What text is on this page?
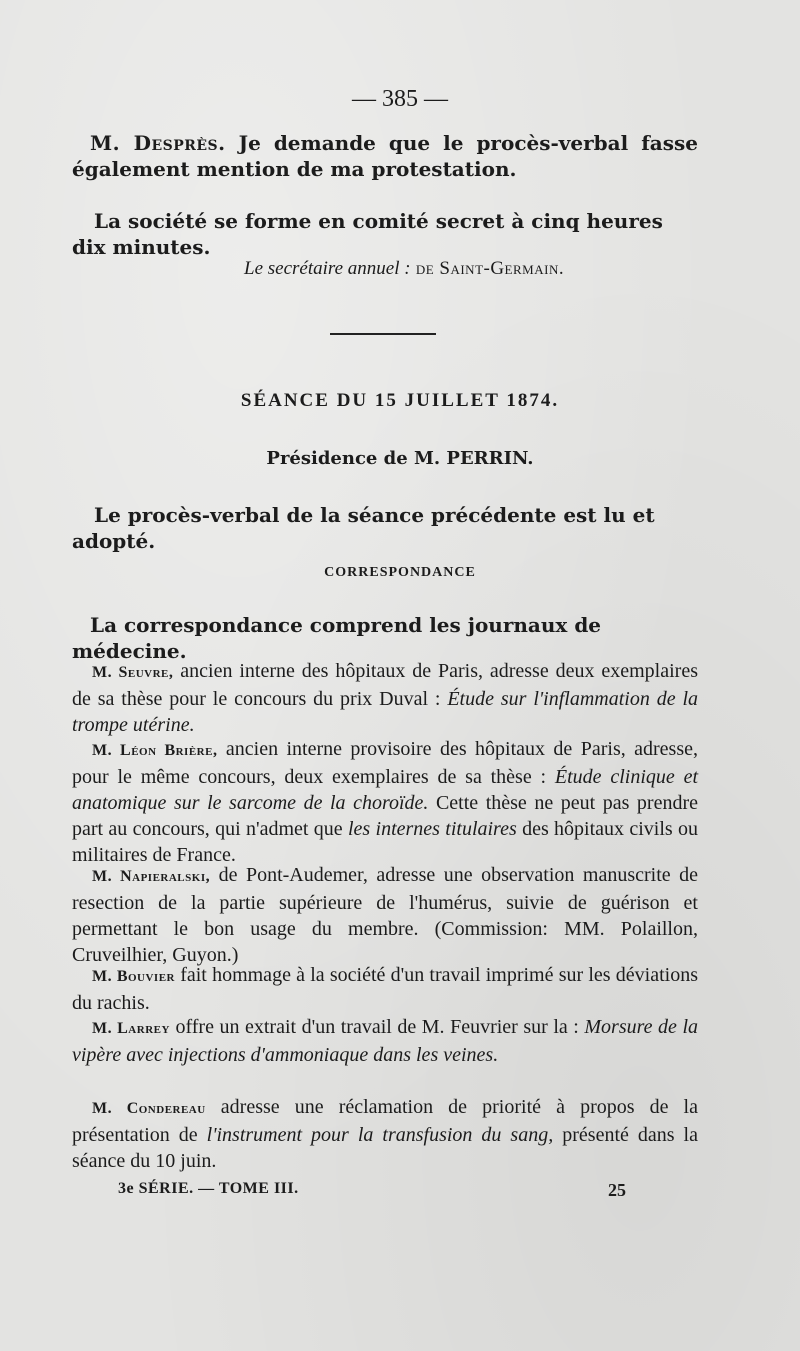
— 385 —

M. Desprès. Je demande que le procès-verbal fasse également mention de ma protestation.

La société se forme en comité secret à cinq heures dix minutes.

Le secrétaire annuel : de Saint-Germain.
SÉANCE DU 15 JUILLET 1874.
Présidence de M. PERRIN.

Le procès-verbal de la séance précédente est lu et adopté.

CORRESPONDANCE

La correspondance comprend les journaux de médecine.

M. Seuvre, ancien interne des hôpitaux de Paris, adresse deux exemplaires de sa thèse pour le concours du prix Duval : Étude sur l'inflammation de la trompe utérine.

M. Léon Brière, ancien interne provisoire des hôpitaux de Paris, adresse, pour le même concours, deux exemplaires de sa thèse : Étude clinique et anatomique sur le sarcome de la choroïde. Cette thèse ne peut pas prendre part au concours, qui n'admet que les internes titulaires des hôpitaux civils ou militaires de France.

M. Napieralski, de Pont-Audemer, adresse une observation manuscrite de resection de la partie supérieure de l'humérus, suivie de guérison et permettant le bon usage du membre. (Commission: MM. Polaillon, Cruveilhier, Guyon.)

M. Bouvier fait hommage à la société d'un travail imprimé sur les déviations du rachis.

M. Larrey offre un extrait d'un travail de M. Feuvrier sur la : Morsure de la vipère avec injections d'ammoniaque dans les veines.

M. Condereau adresse une réclamation de priorité à propos de la présentation de l'instrument pour la transfusion du sang, présenté dans la séance du 10 juin.

3e SÉRIE. — TOME III.	25
